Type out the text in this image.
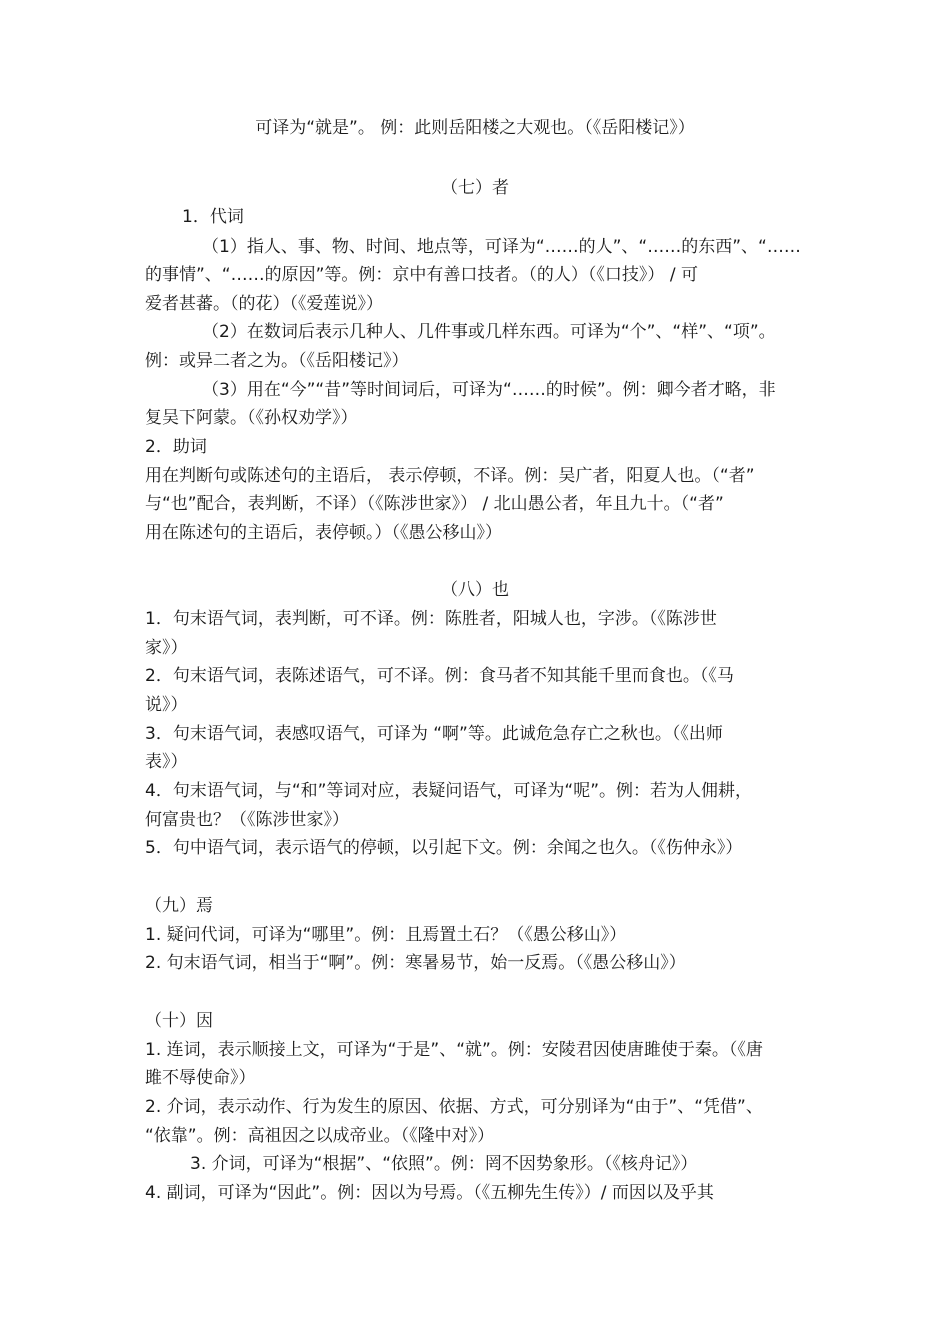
可译为“就是”。 例：此则岳阳楼之大观也。（《岳阳楼记》）
（七）者
1．代词
（1）指人、事、物、时间、地点等，可译为“……的人”、“……的东西”、“……
的事情”、“……的原因”等。例：京中有善口技者。（的人）（《口技》） / 可
爱者甚蕃。（的花）（《爱莲说》）
（2）在数词后表示几种人、几件事或几样东西。可译为“个”、“样”、“项”。
例：或异二者之为。（《岳阳楼记》）
（3）用在“今”“昔”等时间词后，可译为“……的时候”。例：卿今者才略，非
复吴下阿蒙。（《孙权劝学》）
2．助词
用在判断句或陈述句的主语后， 表示停顿，不译。例：吴广者，阳夏人也。（“者”
与“也”配合，表判断，不译）（《陈涉世家》） / 北山愚公者，年且九十。（“者”
用在陈述句的主语后，表停顿。）（《愚公移山》）
（八）也
1．句末语气词，表判断，可不译。例：陈胜者，阳城人也，字涉。（《陈涉世
家》）
2．句末语气词，表陈述语气，可不译。例：食马者不知其能千里而食也。（《马
说》）
3．句末语气词，表感叹语气，可译为 “啊”等。此诚危急存亡之秋也。（《出师
表》）
4．句末语气词，与“和”等词对应，表疑问语气，可译为“呢”。例：若为人佣耕，
何富贵也？（《陈涉世家》）
5．句中语气词，表示语气的停顿，以引起下文。例：余闻之也久。（《伤仲永》）
（九）焉
1. 疑问代词，可译为“哪里”。例：且焉置土石？（《愚公移山》）
2. 句末语气词，相当于“啊”。例：寒暑易节，始一反焉。（《愚公移山》）
（十）因
1. 连词，表示顺接上文，可译为“于是”、“就”。例：安陵君因使唐雎使于秦。（《唐
雎不辱使命》）
2. 介词，表示动作、行为发生的原因、依据、方式，可分别译为“由于”、“凭借”、
“依靠”。例：高祖因之以成帝业。（《隆中对》）
3. 介词，可译为“根据”、“依照”。例：罔不因势象形。（《核舟记》）
4. 副词，可译为“因此”。例：因以为号焉。（《五柳先生传》）/ 而因以及乎其
